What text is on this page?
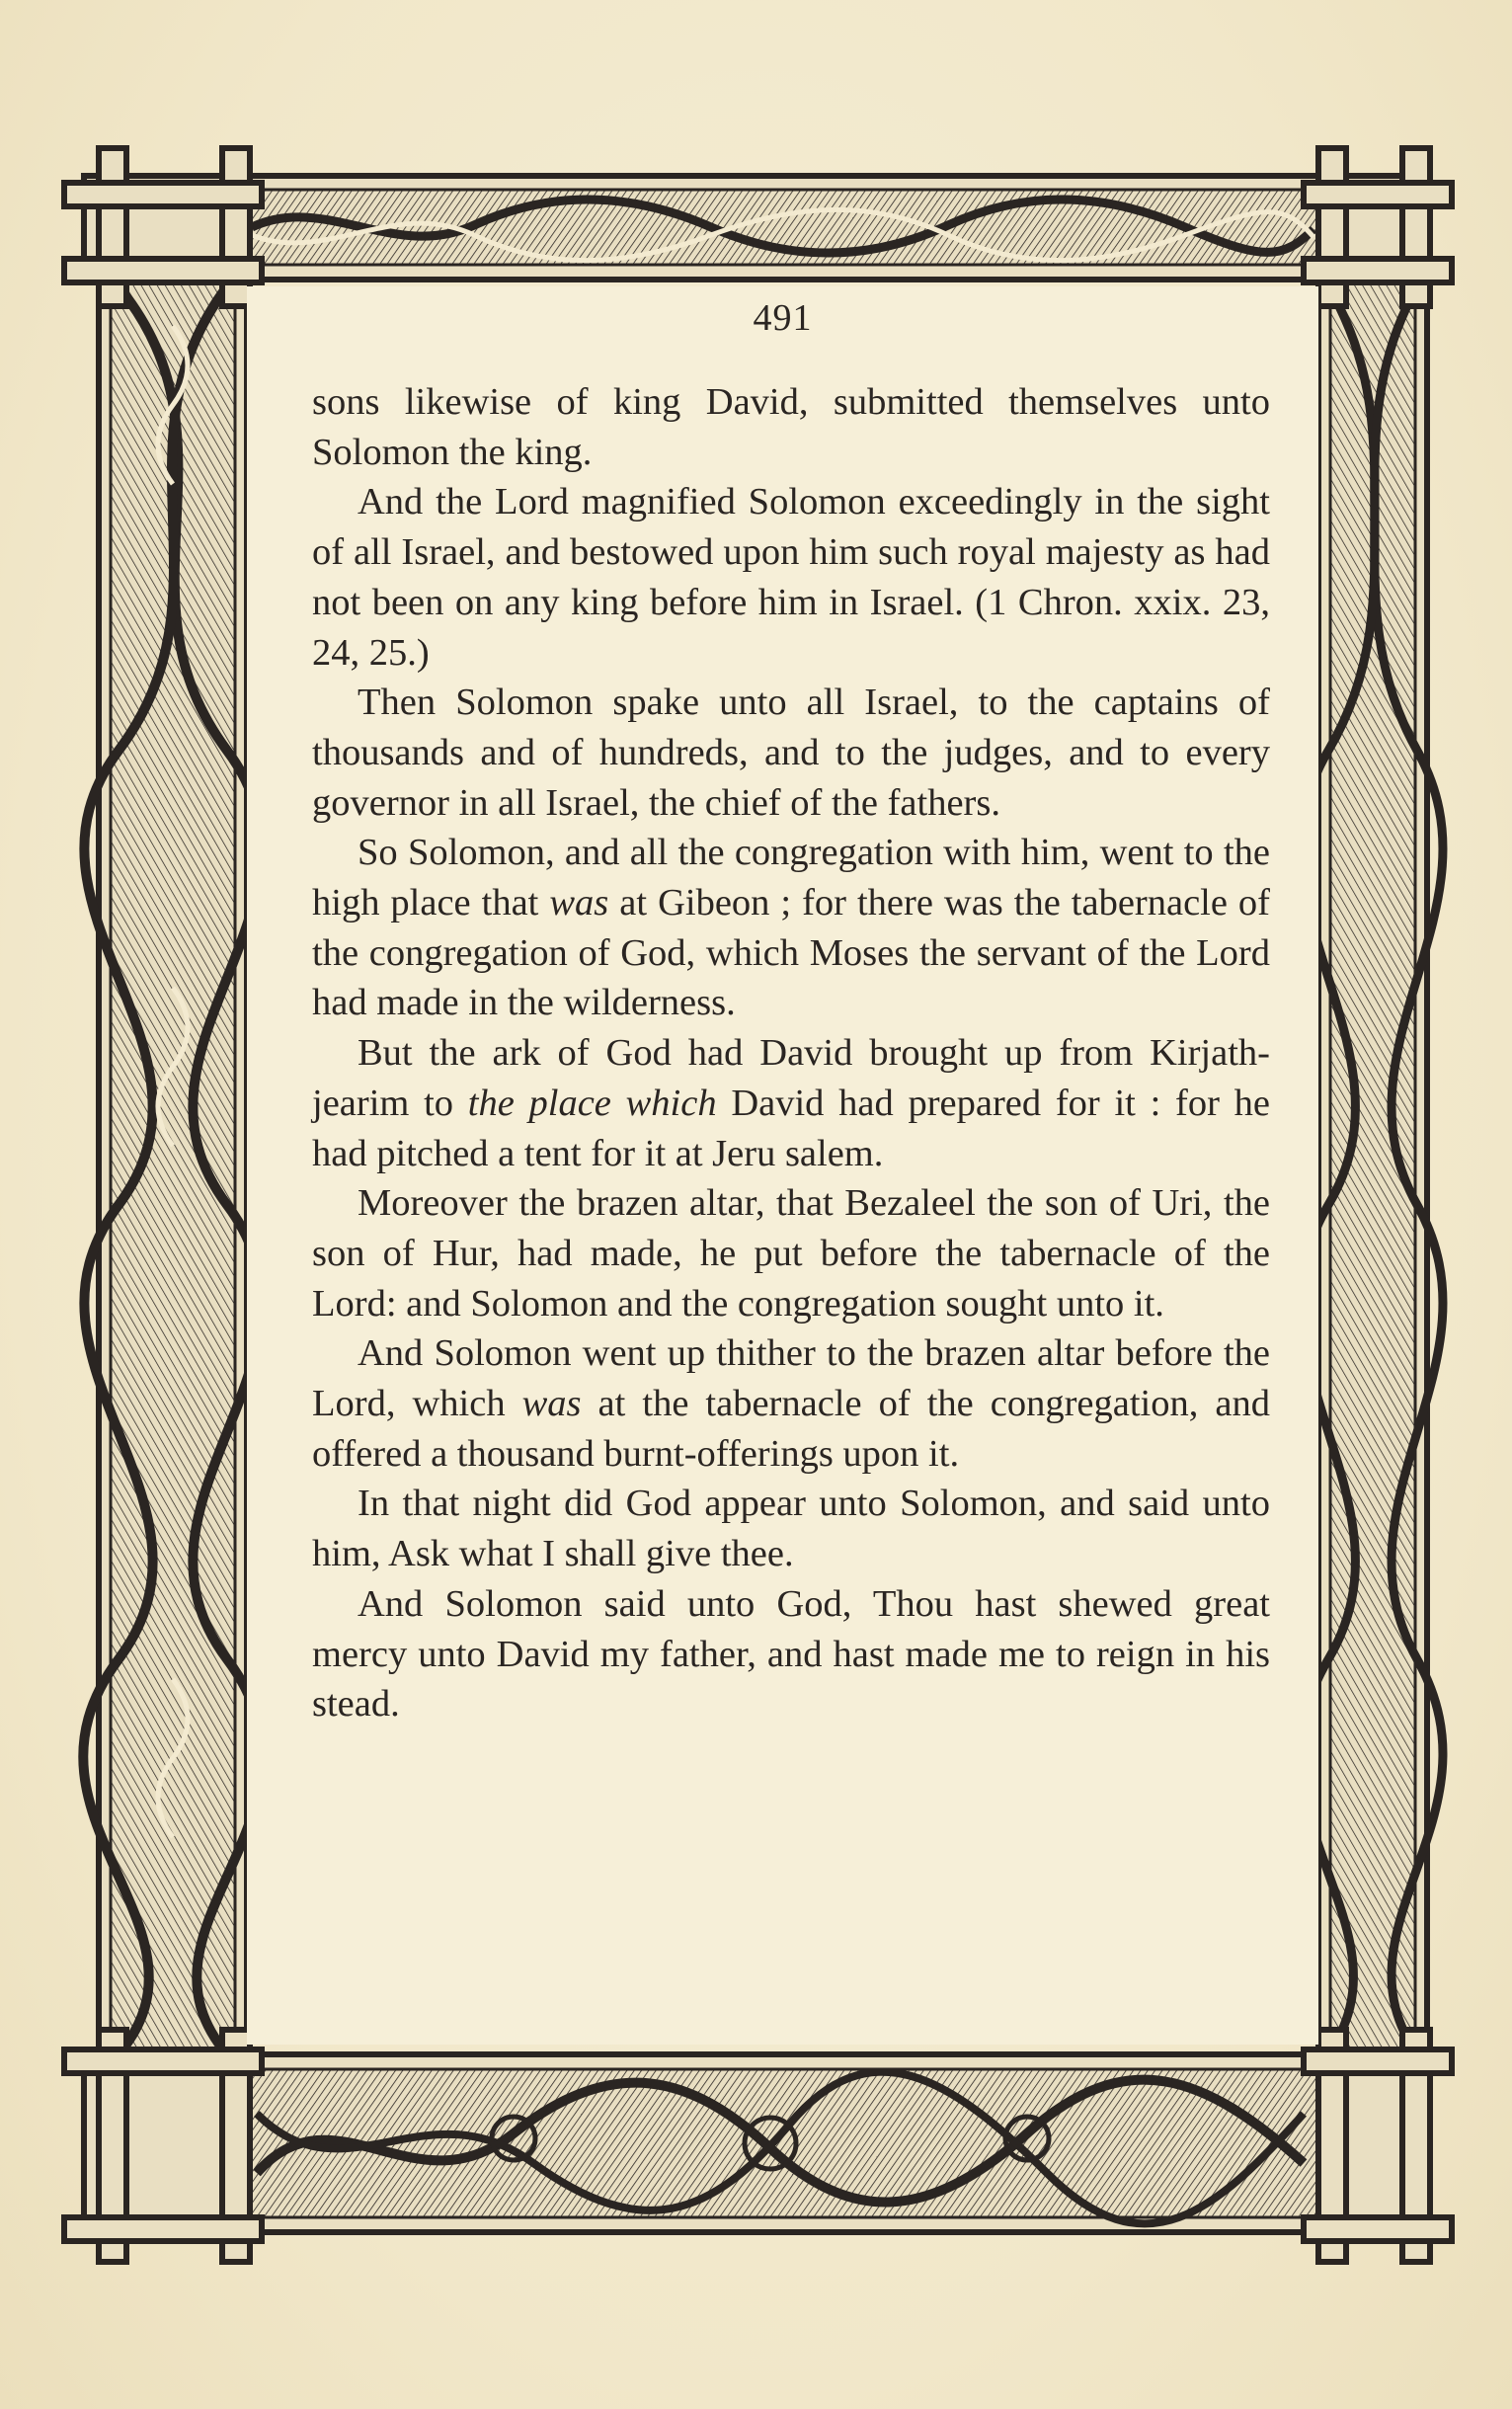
491

sons likewise of king David, submitted themselves unto Solomon the king.

And the Lord magnified Solomon exceedingly in the sight of all Israel, and bestowed upon him such royal majesty as had not been on any king before him in Israel. (1 Chron. xxix. 23, 24, 25.)

Then Solomon spake unto all Israel, to the captains of thousands and of hundreds, and to the judges, and to every governor in all Israel, the chief of the fathers.

So Solomon, and all the congregation with him, went to the high place that was at Gibeon ; for there was the tabernacle of the congregation of God, which Moses the servant of the Lord had made in the wilderness.

But the ark of God had David brought up from Kirjath-jearim to the place which David had prepared for it : for he had pitched a tent for it at Jeru salem.

Moreover the brazen altar, that Bezaleel the son of Uri, the son of Hur, had made, he put before the tabernacle of the Lord: and Solomon and the congregation sought unto it.

And Solomon went up thither to the brazen altar before the Lord, which was at the tabernacle of the congregation, and offered a thousand burnt-offerings upon it.

In that night did God appear unto Solomon, and said unto him, Ask what I shall give thee.

And Solomon said unto God, Thou hast shewed great mercy unto David my father, and hast made me to reign in his stead.
